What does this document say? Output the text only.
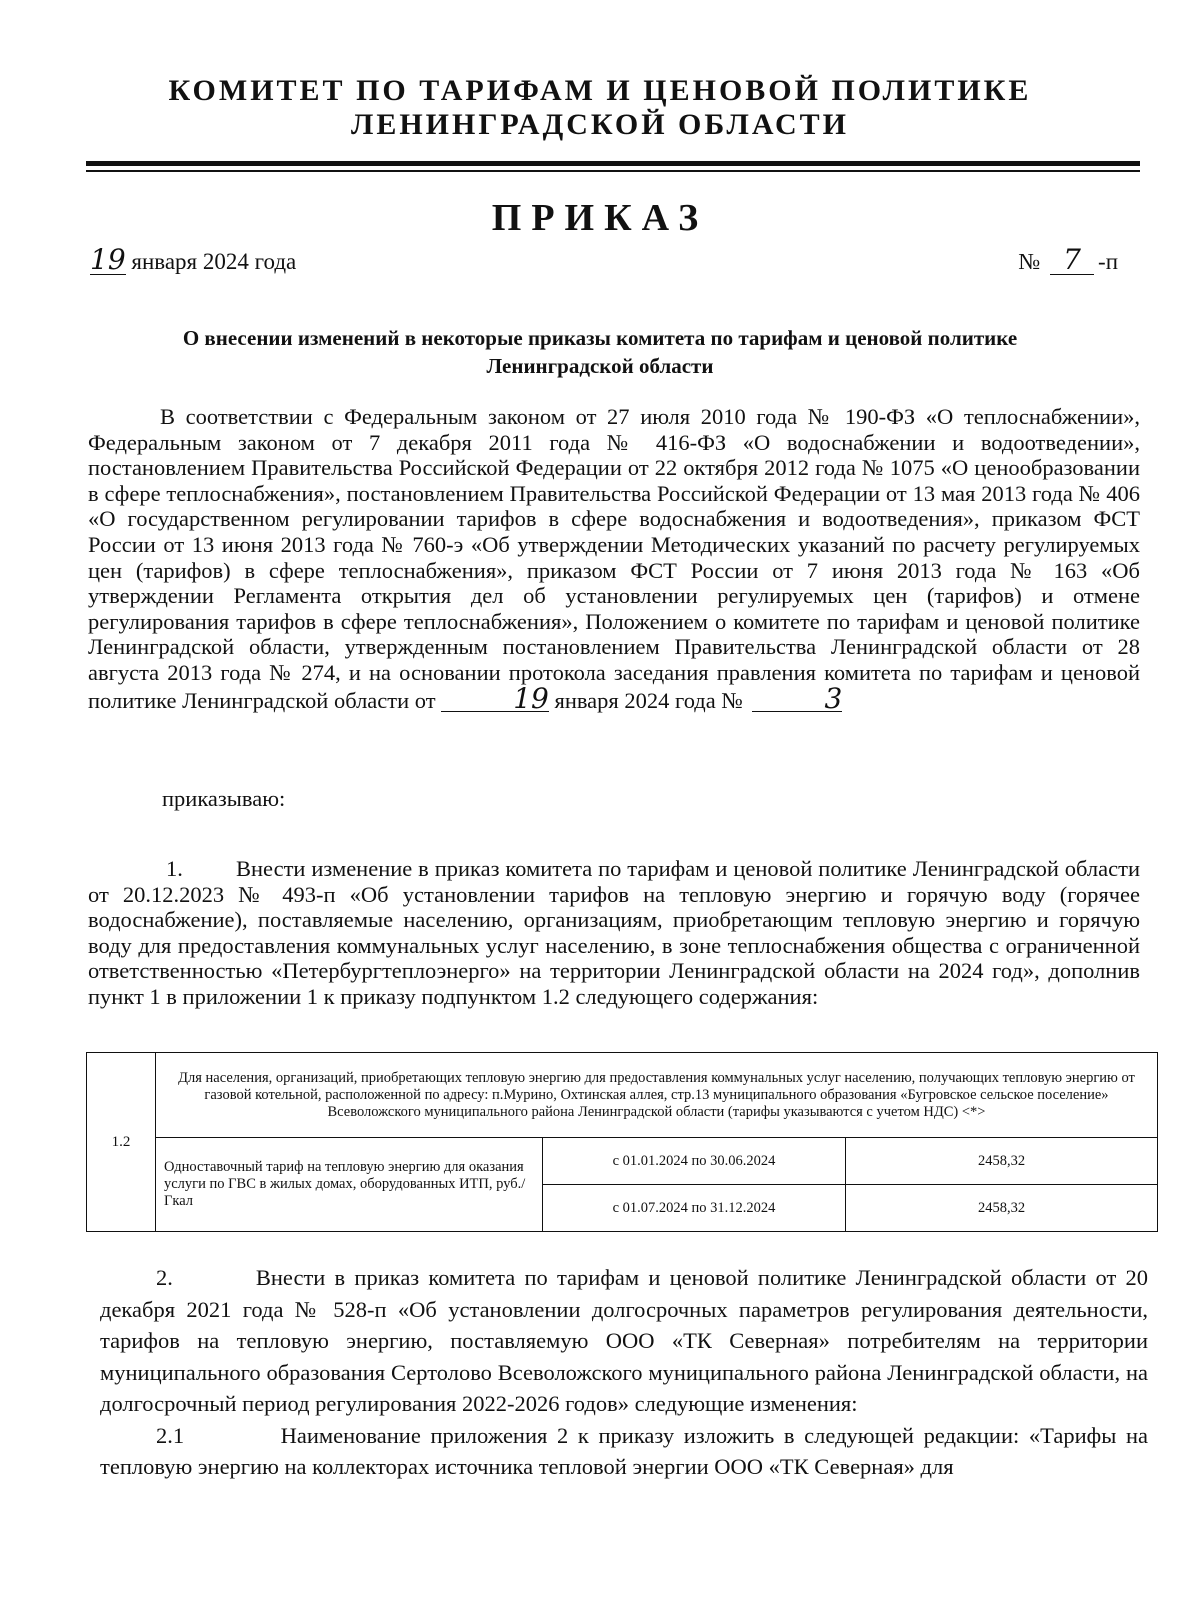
КОМИТЕТ ПО ТАРИФАМ И ЦЕНОВОЙ ПОЛИТИКЕ
ЛЕНИНГРАДСКОЙ ОБЛАСТИ
ПРИКАЗ
19 января 2024 года	№ 7 -п
О внесении изменений в некоторые приказы комитета по тарифам и ценовой политике
Ленинградской области

В соответствии с Федеральным законом от 27 июля 2010 года № 190-ФЗ «О теплоснабжении», Федеральным законом от 7 декабря 2011 года № 416-ФЗ «О водоснабжении и водоотведении», постановлением Правительства Российской Федерации от 22 октября 2012 года № 1075 «О ценообразовании в сфере теплоснабжения», постановлением Правительства Российской Федерации от 13 мая 2013 года № 406 «О государственном регулировании тарифов в сфере водоснабжения и водоотведения», приказом ФСТ России от 13 июня 2013 года № 760-э «Об утверждении Методических указаний по расчету регулируемых цен (тарифов) в сфере теплоснабжения», приказом ФСТ России от 7 июня 2013 года № 163 «Об утверждении Регламента открытия дел об установлении регулируемых цен (тарифов) и отмене регулирования тарифов в сфере теплоснабжения», Положением о комитете по тарифам и ценовой политике Ленинградской области, утвержденным постановлением Правительства Ленинградской области от 28 августа 2013 года № 274, и на основании протокола заседания правления комитета по тарифам и ценовой политике Ленинградской области от	19 января 2024 года №	3

приказываю:

1. Внести изменение в приказ комитета по тарифам и ценовой политике Ленинградской области от 20.12.2023 № 493-п «Об установлении тарифов на тепловую энергию и горячую воду (горячее водоснабжение), поставляемые населению, организациям, приобретающим тепловую энергию и горячую воду для предоставления коммунальных услуг населению, в зоне теплоснабжения общества с ограниченной ответственностью «Петербургтеплоэнерго» на территории Ленинградской области на 2024 год», дополнив пункт 1 в приложении 1 к приказу подпунктом 1.2 следующего содержания:

1.2	Для населения, организаций, приобретающих тепловую энергию для предоставления коммунальных услуг населению, получающих тепловую энергию от газовой котельной, расположенной по адресу: п.Мурино, Охтинская аллея, стр.13 муниципального образования «Бугровское сельское поселение» Всеволожского муниципального района Ленинградской области (тарифы указываются с учетом НДС) <*>		
	Одноставочный тариф на тепловую энергию для оказания услуги по ГВС в жилых домах, оборудованных ИТП, руб./Гкал	с 01.01.2024 по 30.06.2024	2458,32
		с 01.07.2024 по 31.12.2024	2458,32

2.	Внести в приказ комитета по тарифам и ценовой политике Ленинградской области от 20 декабря 2021 года № 528-п «Об установлении долгосрочных параметров регулирования деятельности, тарифов на тепловую энергию, поставляемую ООО «ТК Северная» потребителям на территории муниципального образования Сертолово Всеволожского муниципального района Ленинградской области, на долгосрочный период регулирования 2022-2026 годов» следующие изменения:

2.1	Наименование приложения 2 к приказу изложить в следующей редакции: «Тарифы на тепловую энергию на коллекторах источника тепловой энергии ООО «ТК Северная» для
